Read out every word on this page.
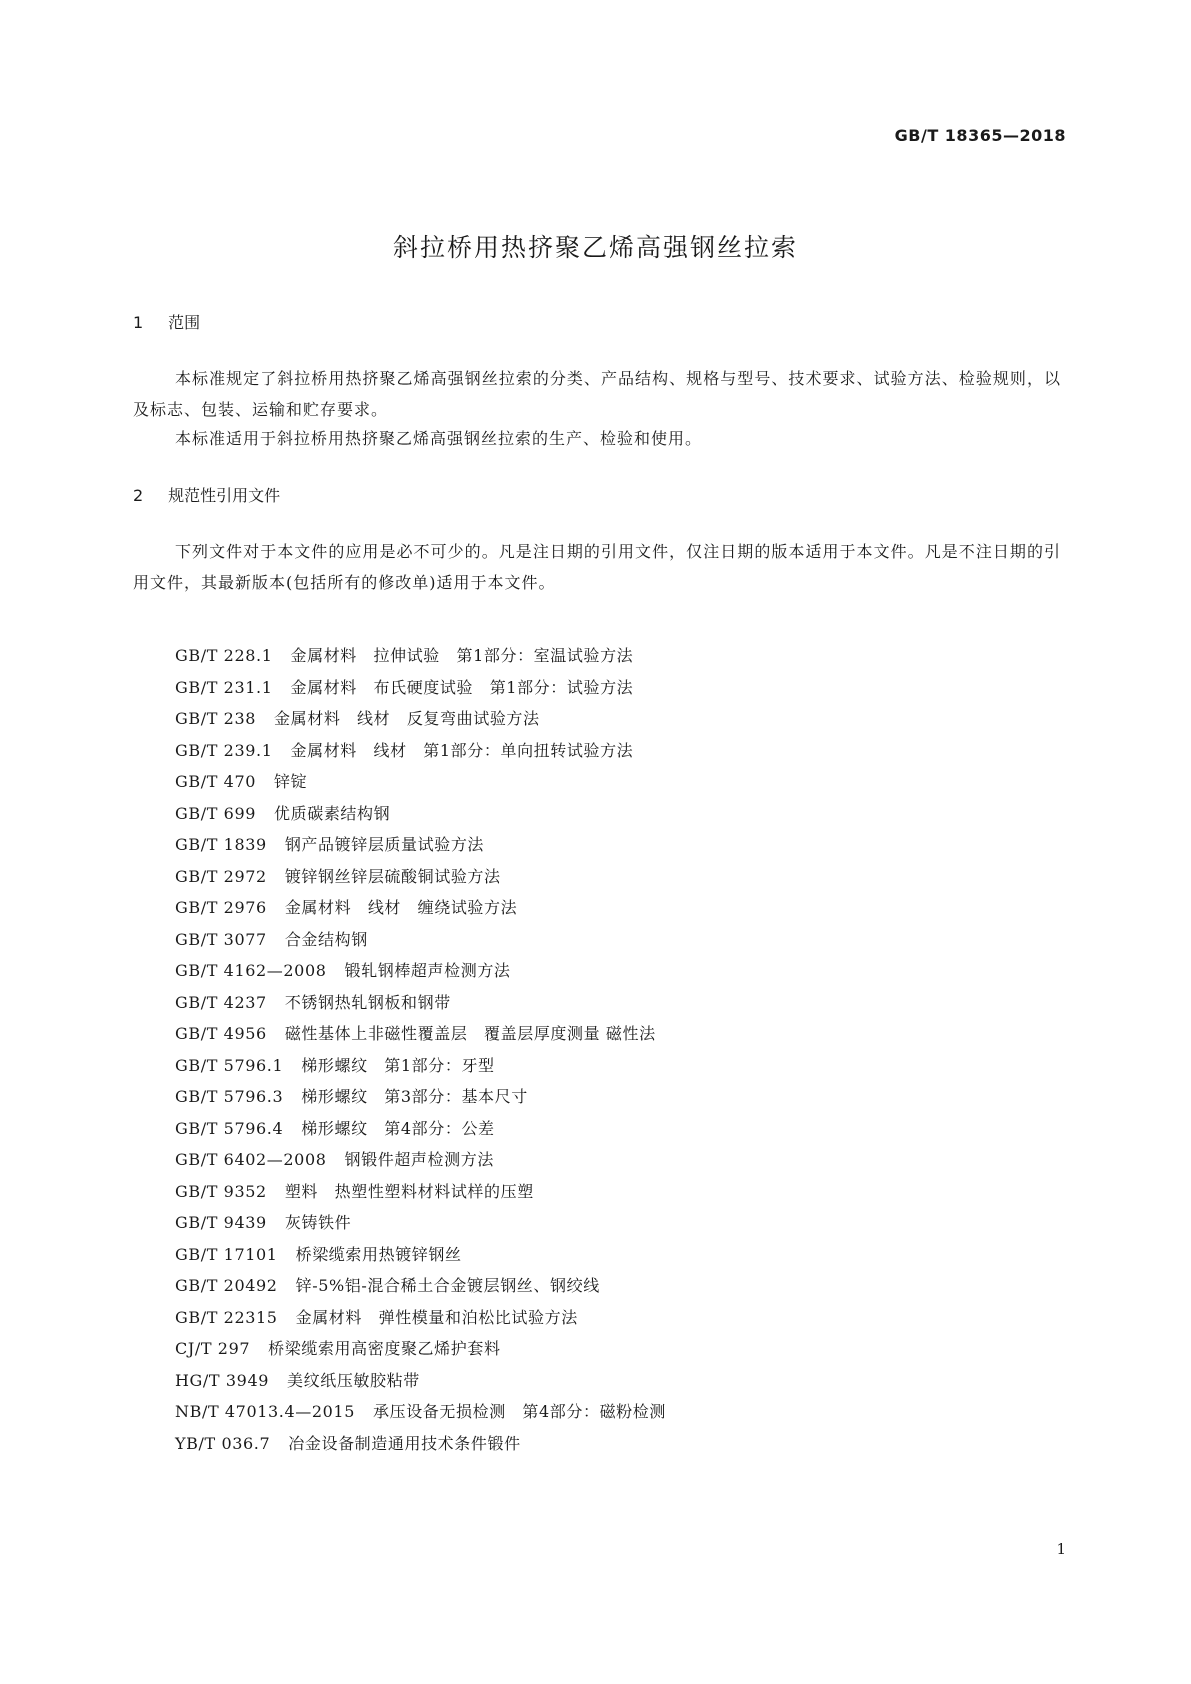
GB/T 18365—2018
斜拉桥用热挤聚乙烯高强钢丝拉索
1 范围
本标准规定了斜拉桥用热挤聚乙烯高强钢丝拉索的分类、产品结构、规格与型号、技术要求、试验方法、检验规则，以及标志、包装、运输和贮存要求。
本标准适用于斜拉桥用热挤聚乙烯高强钢丝拉索的生产、检验和使用。
2 规范性引用文件
下列文件对于本文件的应用是必不可少的。凡是注日期的引用文件，仅注日期的版本适用于本文件。凡是不注日期的引用文件，其最新版本(包括所有的修改单)适用于本文件。
GB/T 228.1 金属材料　拉伸试验　第1部分：室温试验方法
GB/T 231.1 金属材料　布氏硬度试验　第1部分：试验方法
GB/T 238 金属材料　线材　反复弯曲试验方法
GB/T 239.1 金属材料　线材　第1部分：单向扭转试验方法
GB/T 470 锌锭
GB/T 699 优质碳素结构钢
GB/T 1839 钢产品镀锌层质量试验方法
GB/T 2972 镀锌钢丝锌层硫酸铜试验方法
GB/T 2976 金属材料　线材　缠绕试验方法
GB/T 3077 合金结构钢
GB/T 4162—2008 锻轧钢棒超声检测方法
GB/T 4237 不锈钢热轧钢板和钢带
GB/T 4956 磁性基体上非磁性覆盖层　覆盖层厚度测量 磁性法
GB/T 5796.1 梯形螺纹　第1部分：牙型
GB/T 5796.3 梯形螺纹　第3部分：基本尺寸
GB/T 5796.4 梯形螺纹　第4部分：公差
GB/T 6402—2008 钢锻件超声检测方法
GB/T 9352 塑料　热塑性塑料材料试样的压塑
GB/T 9439 灰铸铁件
GB/T 17101 桥梁缆索用热镀锌钢丝
GB/T 20492 锌-5%铝-混合稀土合金镀层钢丝、钢绞线
GB/T 22315 金属材料　弹性模量和泊松比试验方法
CJ/T 297 桥梁缆索用高密度聚乙烯护套料
HG/T 3949 美纹纸压敏胶粘带
NB/T 47013.4—2015 承压设备无损检测　第4部分：磁粉检测
YB/T 036.7 冶金设备制造通用技术条件锻件
1
